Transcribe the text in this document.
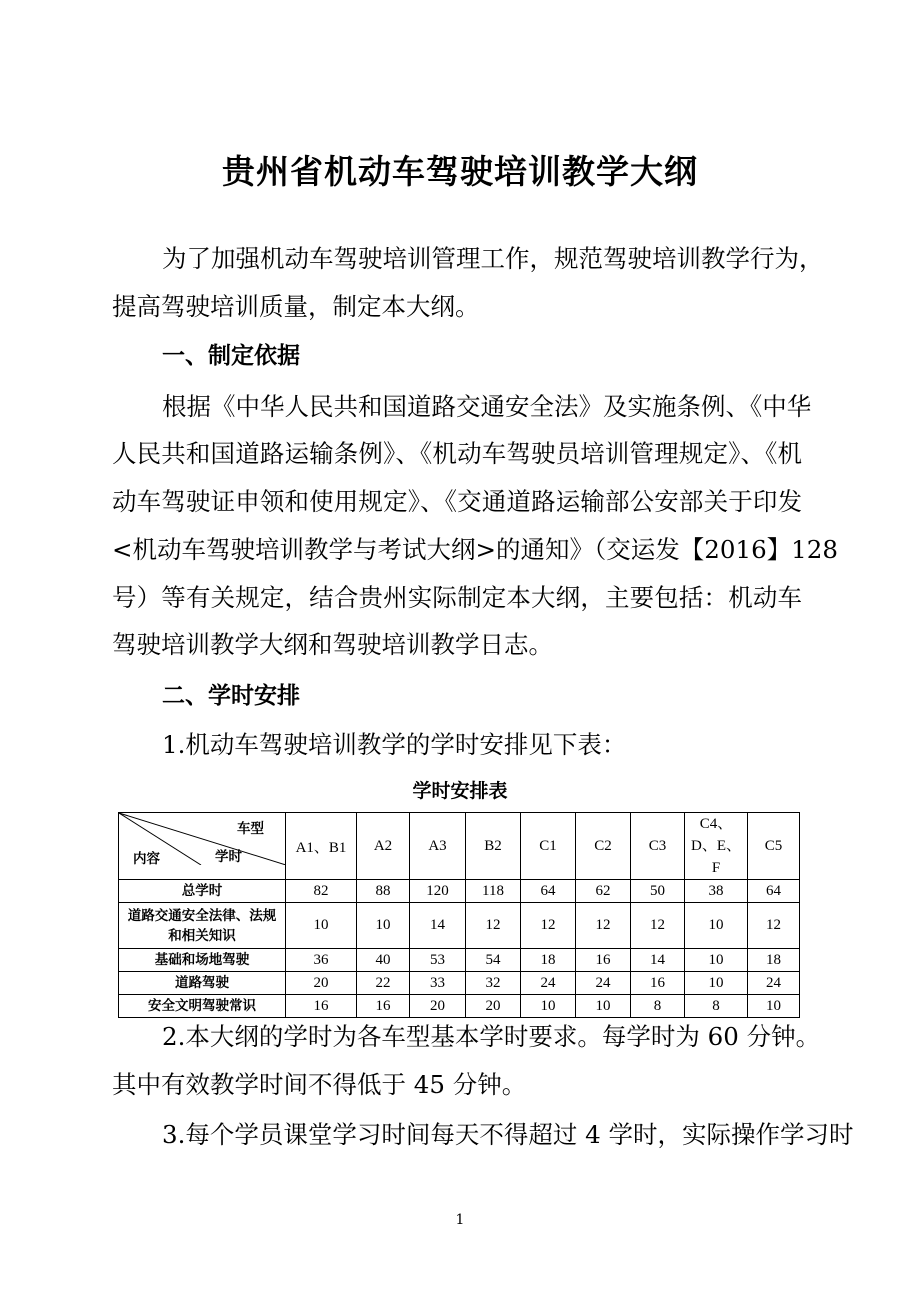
贵州省机动车驾驶培训教学大纲
为了加强机动车驾驶培训管理工作，规范驾驶培训教学行为，
提高驾驶培训质量，制定本大纲。
一、制定依据
根据《中华人民共和国道路交通安全法》及实施条例、《中华
人民共和国道路运输条例》、《机动车驾驶员培训管理规定》、《机
动车驾驶证申领和使用规定》、《交通道路运输部公安部关于印发
<机动车驾驶培训教学与考试大纲>的通知》（交运发【2016】128
号）等有关规定，结合贵州实际制定本大纲，主要包括：机动车
驾驶培训教学大纲和驾驶培训教学日志。
二、学时安排
1.机动车驾驶培训教学的学时安排见下表：
学时安排表
车型
学时
内容	A1、B1	A2	A3	B2	C1	C2	C3	C4、D、E、F	C5
总学时	82	88	120	118	64	62	50	38	64
道路交通安全法律、法规和相关知识	10	10	14	12	12	12	12	10	12
基础和场地驾驶	36	40	53	54	18	16	14	10	18
道路驾驶	20	22	33	32	24	24	16	10	24
安全文明驾驶常识	16	16	20	20	10	10	8	8	10
2.本大纲的学时为各车型基本学时要求。每学时为 60 分钟。
其中有效教学时间不得低于 45 分钟。
3.每个学员课堂学习时间每天不得超过 4 学时，实际操作学习时
1
